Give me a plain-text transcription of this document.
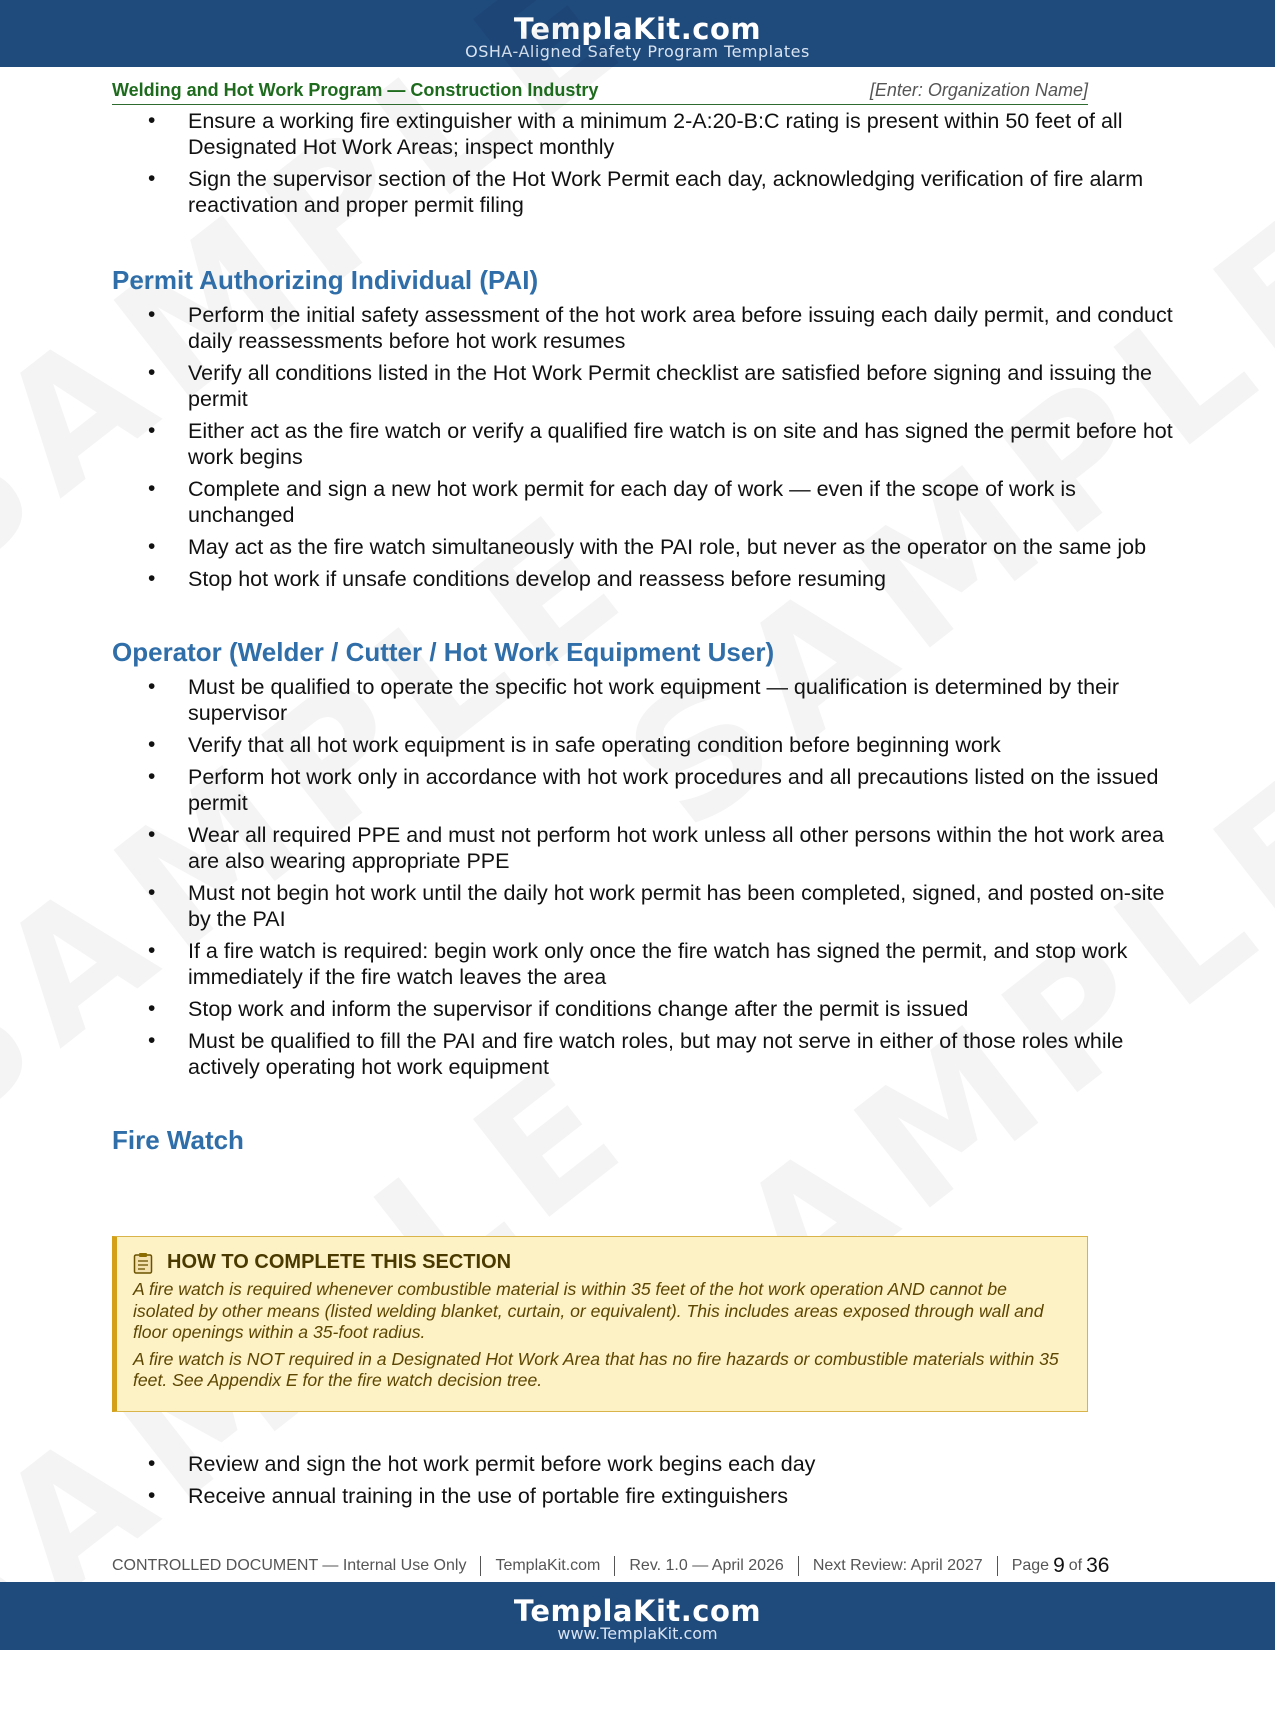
TemplaKit.com
OSHA-Aligned Safety Program Templates
Welding and Hot Work Program — Construction Industry	[Enter: Organization Name]
• Ensure a working fire extinguisher with a minimum 2-A:20-B:C rating is present within 50 feet of all Designated Hot Work Areas; inspect monthly
• Sign the supervisor section of the Hot Work Permit each day, acknowledging verification of fire alarm reactivation and proper permit filing
Permit Authorizing Individual (PAI)
• Perform the initial safety assessment of the hot work area before issuing each daily permit, and conduct daily reassessments before hot work resumes
• Verify all conditions listed in the Hot Work Permit checklist are satisfied before signing and issuing the permit
• Either act as the fire watch or verify a qualified fire watch is on site and has signed the permit before hot work begins
• Complete and sign a new hot work permit for each day of work — even if the scope of work is unchanged
• May act as the fire watch simultaneously with the PAI role, but never as the operator on the same job
• Stop hot work if unsafe conditions develop and reassess before resuming
Operator (Welder / Cutter / Hot Work Equipment User)
• Must be qualified to operate the specific hot work equipment — qualification is determined by their supervisor
• Verify that all hot work equipment is in safe operating condition before beginning work
• Perform hot work only in accordance with hot work procedures and all precautions listed on the issued permit
• Wear all required PPE and must not perform hot work unless all other persons within the hot work area are also wearing appropriate PPE
• Must not begin hot work until the daily hot work permit has been completed, signed, and posted on-site by the PAI
• If a fire watch is required: begin work only once the fire watch has signed the permit, and stop work immediately if the fire watch leaves the area
• Stop work and inform the supervisor if conditions change after the permit is issued
• Must be qualified to fill the PAI and fire watch roles, but may not serve in either of those roles while actively operating hot work equipment
Fire Watch
HOW TO COMPLETE THIS SECTION

A fire watch is required whenever combustible material is within 35 feet of the hot work operation AND cannot be isolated by other means (listed welding blanket, curtain, or equivalent). This includes areas exposed through wall and floor openings within a 35-foot radius.

A fire watch is NOT required in a Designated Hot Work Area that has no fire hazards or combustible materials within 35 feet. See Appendix E for the fire watch decision tree.

• Review and sign the hot work permit before work begins each day
• Receive annual training in the use of portable fire extinguishers
CONTROLLED DOCUMENT — Internal Use Only TemplaKit.com Rev. 1.0 — April 2026 Next Review: April 2027 Page 9 of 36
TemplaKit.com
www.TemplaKit.com
